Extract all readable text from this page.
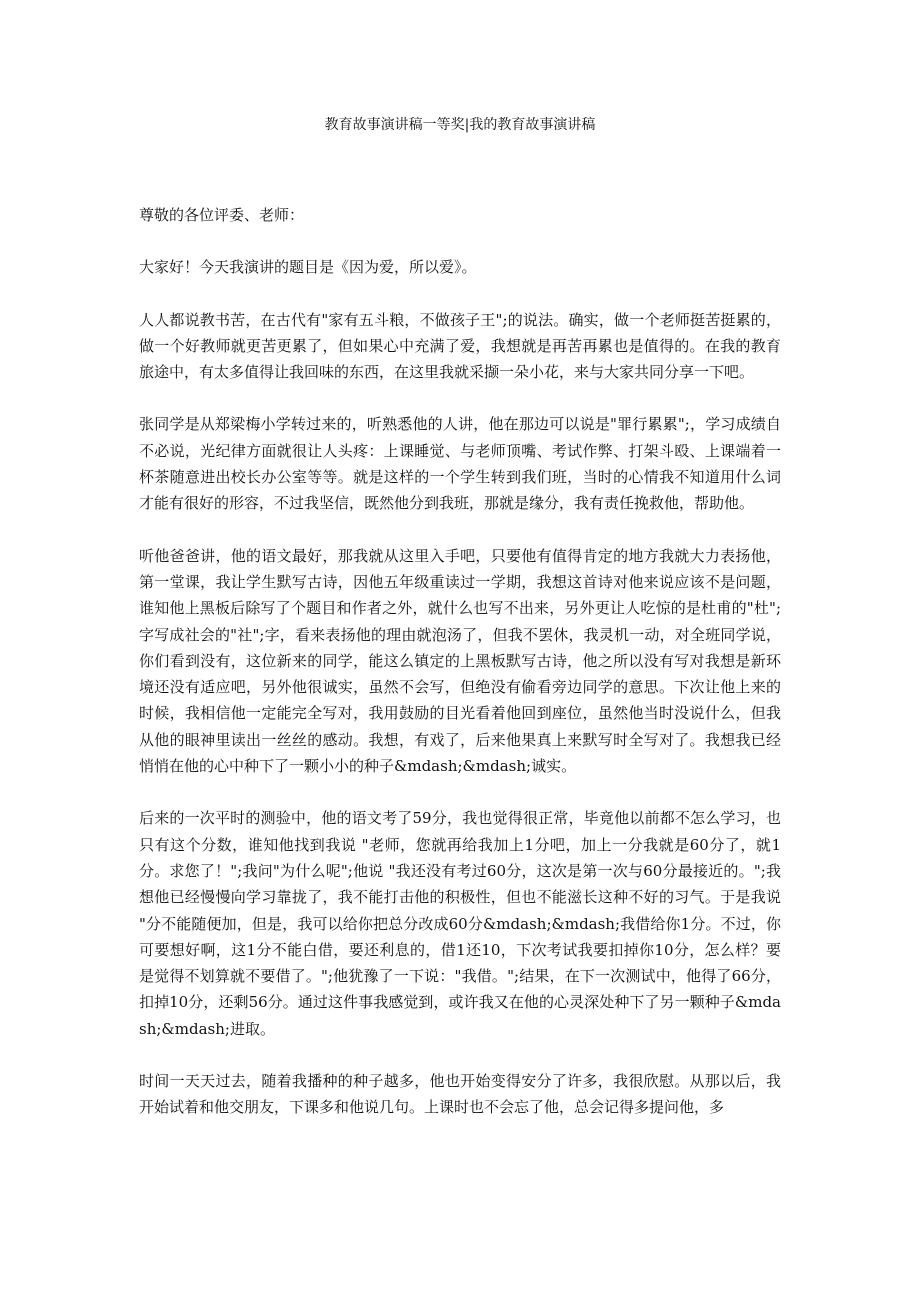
教育故事演讲稿一等奖|我的教育故事演讲稿

尊敬的各位评委、老师：

大家好！今天我演讲的题目是《因为爱，所以爱》。

人人都说教书苦，在古代有"家有五斗粮，不做孩子王";的说法。确实，做一个老师挺苦挺累的，做一个好教师就更苦更累了，但如果心中充满了爱，我想就是再苦再累也是值得的。在我的教育旅途中，有太多值得让我回味的东西，在这里我就采撷一朵小花，来与大家共同分享一下吧。

张同学是从郑梁梅小学转过来的，听熟悉他的人讲，他在那边可以说是"罪行累累";，学习成绩自不必说，光纪律方面就很让人头疼：上课睡觉、与老师顶嘴、考试作弊、打架斗殴、上课端着一杯茶随意进出校长办公室等等。就是这样的一个学生转到我们班，当时的心情我不知道用什么词才能有很好的形容，不过我坚信，既然他分到我班，那就是缘分，我有责任挽救他，帮助他。

听他爸爸讲，他的语文最好，那我就从这里入手吧，只要他有值得肯定的地方我就大力表扬他，第一堂课，我让学生默写古诗，因他五年级重读过一学期，我想这首诗对他来说应该不是问题，谁知他上黑板后除写了个题目和作者之外，就什么也写不出来，另外更让人吃惊的是杜甫的"杜";字写成社会的"社";字，看来表扬他的理由就泡汤了，但我不罢休，我灵机一动，对全班同学说，你们看到没有，这位新来的同学，能这么镇定的上黑板默写古诗，他之所以没有写对我想是新环境还没有适应吧，另外他很诚实，虽然不会写，但绝没有偷看旁边同学的意思。下次让他上来的时候，我相信他一定能完全写对，我用鼓励的目光看着他回到座位，虽然他当时没说什么，但我从他的眼神里读出一丝丝的感动。我想，有戏了，后来他果真上来默写时全写对了。我想我已经悄悄在他的心中种下了一颗小小的种子&mdash;&mdash;诚实。

后来的一次平时的测验中，他的语文考了59分，我也觉得很正常，毕竟他以前都不怎么学习，也只有这个分数，谁知他找到我说 "老师，您就再给我加上1分吧，加上一分我就是60分了，就1分。求您了！";我问"为什么呢";他说 "我还没有考过60分，这次是第一次与60分最接近的。";我想他已经慢慢向学习靠拢了，我不能打击他的积极性，但也不能滋长这种不好的习气。于是我说 "分不能随便加，但是，我可以给你把总分改成60分&mdash;&mdash;我借给你1分。不过，你可要想好啊，这1分不能白借，要还利息的，借1还10，下次考试我要扣掉你10分，怎么样？要是觉得不划算就不要借了。";他犹豫了一下说："我借。";结果，在下一次测试中，他得了66分，扣掉10分，还剩56分。通过这件事我感觉到，或许我又在他的心灵深处种下了另一颗种子&mdash;&mdash;进取。

时间一天天过去，随着我播种的种子越多，他也开始变得安分了许多，我很欣慰。从那以后，我开始试着和他交朋友，下课多和他说几句。上课时也不会忘了他，总会记得多提问他，多
